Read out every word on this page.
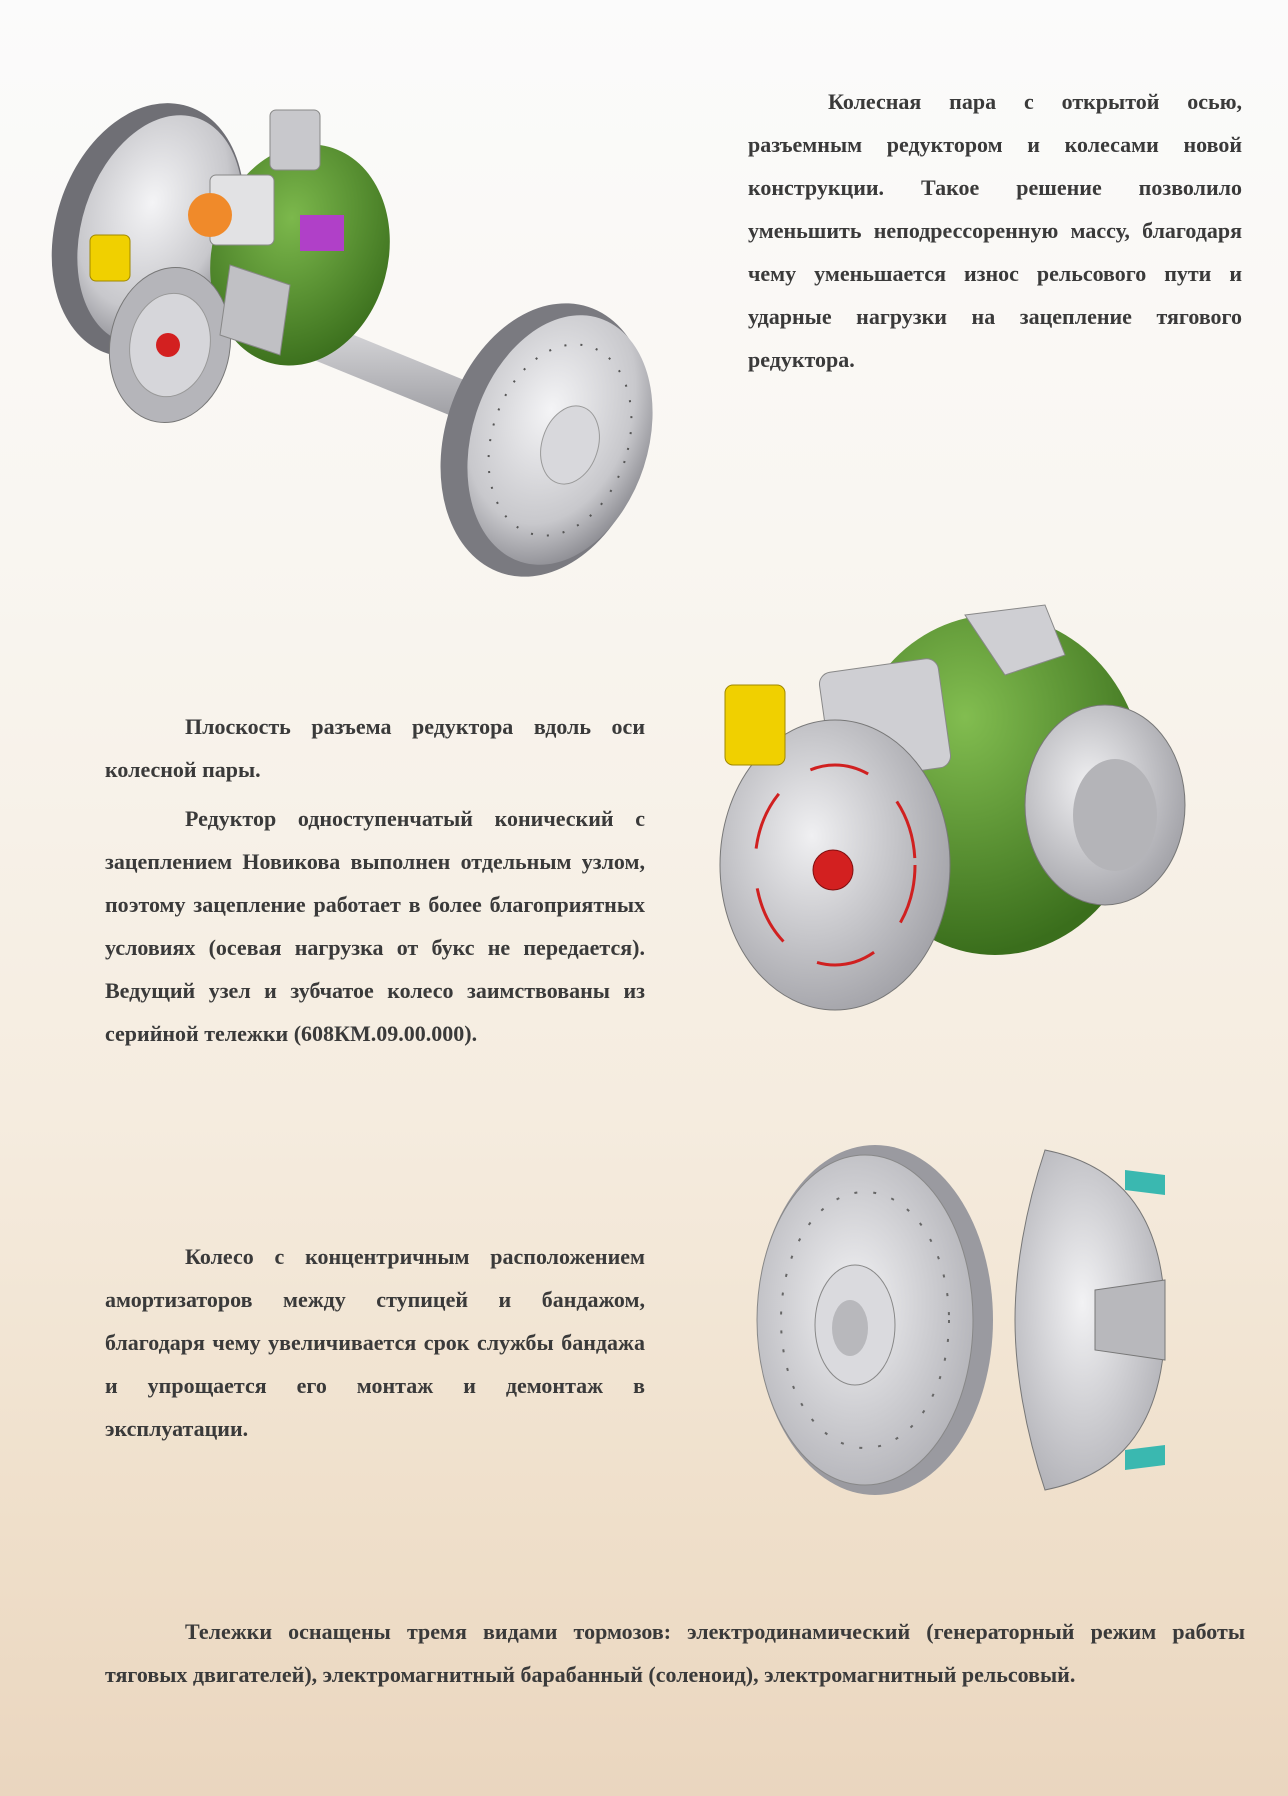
Колесная пара с открытой осью, разъемным редуктором и колесами новой конструкции. Такое решение позволило уменьшить неподрессоренную массу, благодаря чему уменьшается износ рельсового пути и ударные нагрузки на зацепление тягового редуктора.

Плоскость разъема редуктора вдоль оси колесной пары.

Редуктор одноступенчатый конический с зацеплением Новикова выполнен отдельным узлом, поэтому зацепление работает в более благоприятных условиях (осевая нагрузка от букс не передается). Ведущий узел и зубчатое колесо заимствованы из серийной тележки (608КМ.09.00.000).

Колесо с концентричным расположением амортизаторов между ступицей и бандажом, благодаря чему увеличивается срок службы бандажа и упрощается его монтаж и демонтаж в эксплуатации.

Тележки оснащены тремя видами тормозов: электродинамический (генераторный режим работы тяговых двигателей), электромагнитный барабанный (соленоид), электромагнитный рельсовый.
